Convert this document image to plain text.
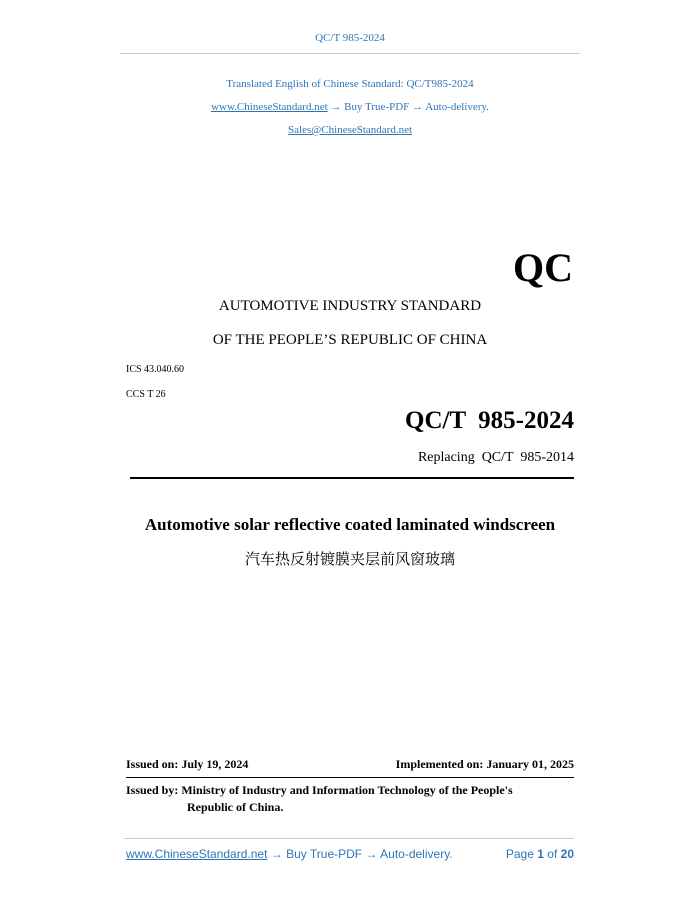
QC/T 985-2024
Translated English of Chinese Standard: QC/T985-2024
www.ChineseStandard.net → Buy True-PDF → Auto-delivery.
Sales@ChineseStandard.net
QC
AUTOMOTIVE INDUSTRY STANDARD
OF THE PEOPLE’S REPUBLIC OF CHINA
ICS 43.040.60
CCS T 26
QC/T  985-2024
Replacing  QC/T  985-2014
Automotive solar reflective coated laminated windscreen
汽车热反射镀膜夹层前风窗玻璃
Issued on: July 19, 2024	Implemented on: January 01, 2025
Issued by: Ministry of Industry and Information Technology of the People's
Republic of China.
www.ChineseStandard.net → Buy True-PDF → Auto-delivery.	Page 1 of 20
